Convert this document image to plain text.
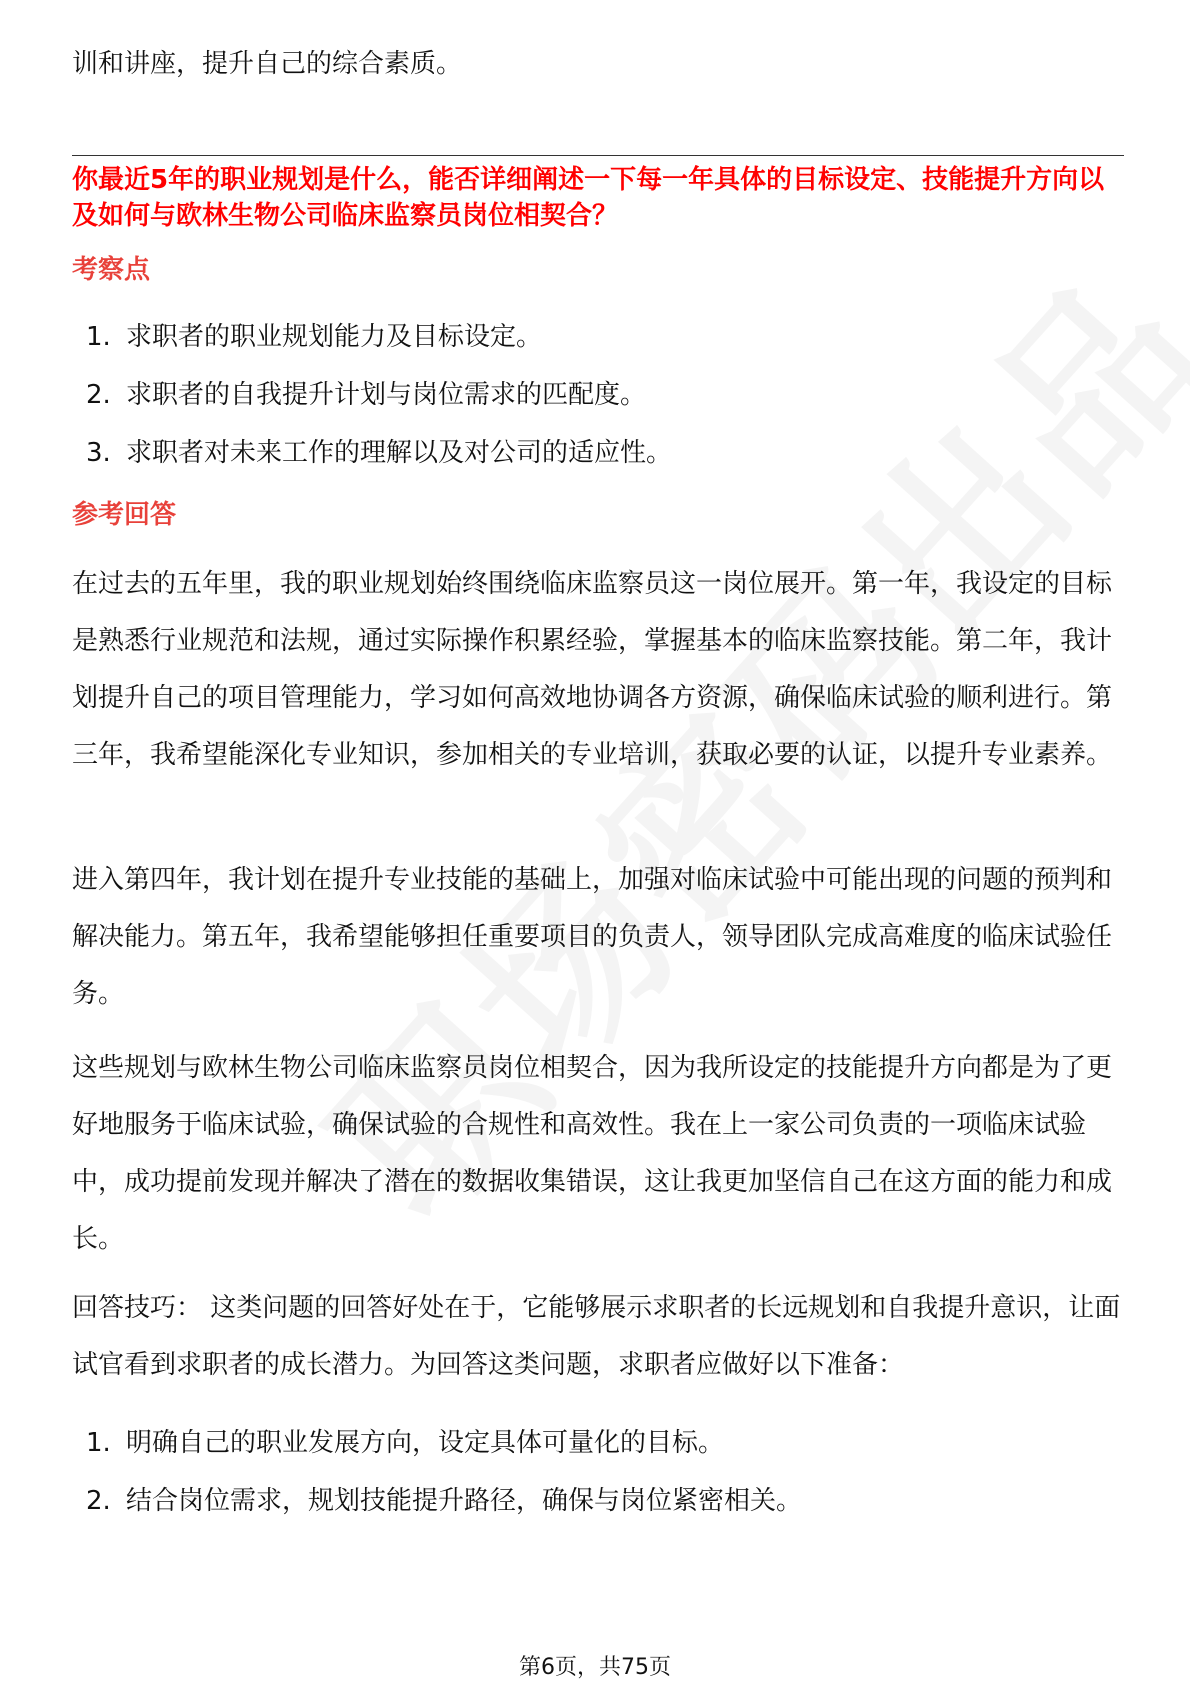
训和讲座，提升自己的综合素质。

你最近5年的职业规划是什么，能否详细阐述一下每一年具体的目标设定、技能提升方向以及如何与欧林生物公司临床监察员岗位相契合？

考察点

1. 求职者的职业规划能力及目标设定。
2. 求职者的自我提升计划与岗位需求的匹配度。
3. 求职者对未来工作的理解以及对公司的适应性。

参考回答

在过去的五年里，我的职业规划始终围绕临床监察员这一岗位展开。第一年，我设定的目标是熟悉行业规范和法规，通过实际操作积累经验，掌握基本的临床监察技能。第二年，我计划提升自己的项目管理能力，学习如何高效地协调各方资源，确保临床试验的顺利进行。第三年，我希望能深化专业知识，参加相关的专业培训，获取必要的认证，以提升专业素养。

进入第四年，我计划在提升专业技能的基础上，加强对临床试验中可能出现的问题的预判和解决能力。第五年，我希望能够担任重要项目的负责人，领导团队完成高难度的临床试验任务。

这些规划与欧林生物公司临床监察员岗位相契合，因为我所设定的技能提升方向都是为了更好地服务于临床试验，确保试验的合规性和高效性。我在上一家公司负责的一项临床试验中，成功提前发现并解决了潜在的数据收集错误，这让我更加坚信自己在这方面的能力和成长。

回答技巧： 这类问题的回答好处在于，它能够展示求职者的长远规划和自我提升意识，让面试官看到求职者的成长潜力。为回答这类问题，求职者应做好以下准备：

1. 明确自己的职业发展方向，设定具体可量化的目标。
2. 结合岗位需求，规划技能提升路径，确保与岗位紧密相关。
第6页，共75页
